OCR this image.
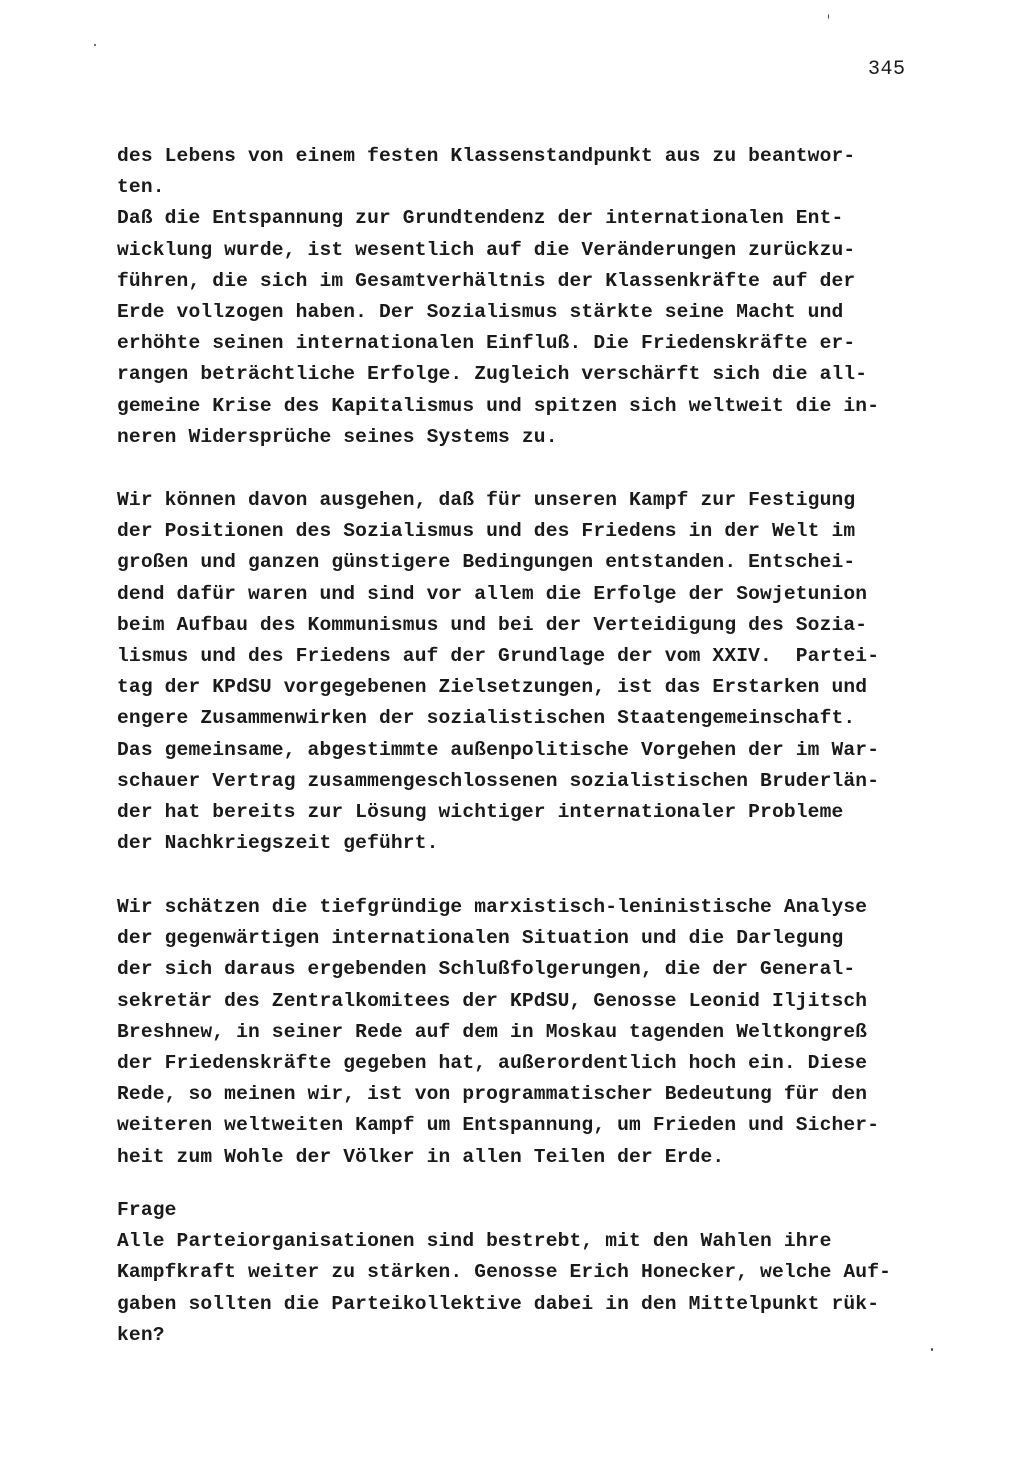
345
des Lebens von einem festen Klassenstandpunkt aus zu beantwor-
ten.
Daß die Entspannung zur Grundtendenz der internationalen Ent-
wicklung wurde, ist wesentlich auf die Veränderungen zurückzu-
führen, die sich im Gesamtverhältnis der Klassenkräfte auf der
Erde vollzogen haben. Der Sozialismus stärkte seine Macht und
erhöhte seinen internationalen Einfluß. Die Friedenskräfte er-
rangen beträchtliche Erfolge. Zugleich verschärft sich die all-
gemeine Krise des Kapitalismus und spitzen sich weltweit die in-
neren Widersprüche seines Systems zu.
Wir können davon ausgehen, daß für unseren Kampf zur Festigung
der Positionen des Sozialismus und des Friedens in der Welt im
großen und ganzen günstigere Bedingungen entstanden. Entschei-
dend dafür waren und sind vor allem die Erfolge der Sowjetunion
beim Aufbau des Kommunismus und bei der Verteidigung des Sozia-
lismus und des Friedens auf der Grundlage der vom XXIV.  Partei-
tag der KPdSU vorgegebenen Zielsetzungen, ist das Erstarken und
engere Zusammenwirken der sozialistischen Staatengemeinschaft.
Das gemeinsame, abgestimmte außenpolitische Vorgehen der im War-
schauer Vertrag zusammengeschlossenen sozialistischen Bruderlän-
der hat bereits zur Lösung wichtiger internationaler Probleme
der Nachkriegszeit geführt.
Wir schätzen die tiefgründige marxistisch-leninistische Analyse
der gegenwärtigen internationalen Situation und die Darlegung
der sich daraus ergebenden Schlußfolgerungen, die der General-
sekretär des Zentralkomitees der KPdSU, Genosse Leonid Iljitsch
Breshnew, in seiner Rede auf dem in Moskau tagenden Weltkongreß
der Friedenskräfte gegeben hat, außerordentlich hoch ein. Diese
Rede, so meinen wir, ist von programmatischer Bedeutung für den
weiteren weltweiten Kampf um Entspannung, um Frieden und Sicher-
heit zum Wohle der Völker in allen Teilen der Erde.
Frage
Alle Parteiorganisationen sind bestrebt, mit den Wahlen ihre
Kampfkraft weiter zu stärken. Genosse Erich Honecker, welche Auf-
gaben sollten die Parteikollektive dabei in den Mittelpunkt rük-
ken?
